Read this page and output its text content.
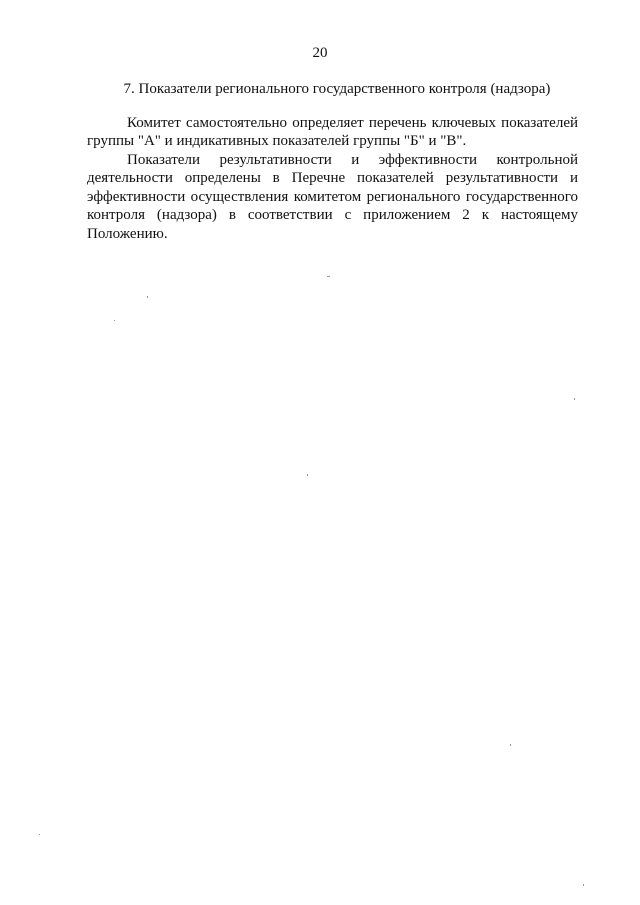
20
7. Показатели регионального государственного контроля (надзора)

Комитет самостоятельно определяет перечень ключевых показателей группы "А" и индикативных показателей группы "Б" и "В".

Показатели результативности и эффективности контрольной деятельности определены в Перечне показателей результативности и эффективности осуществления комитетом регионального государственного контроля (надзора) в соответствии с приложением 2 к настоящему Положению.
